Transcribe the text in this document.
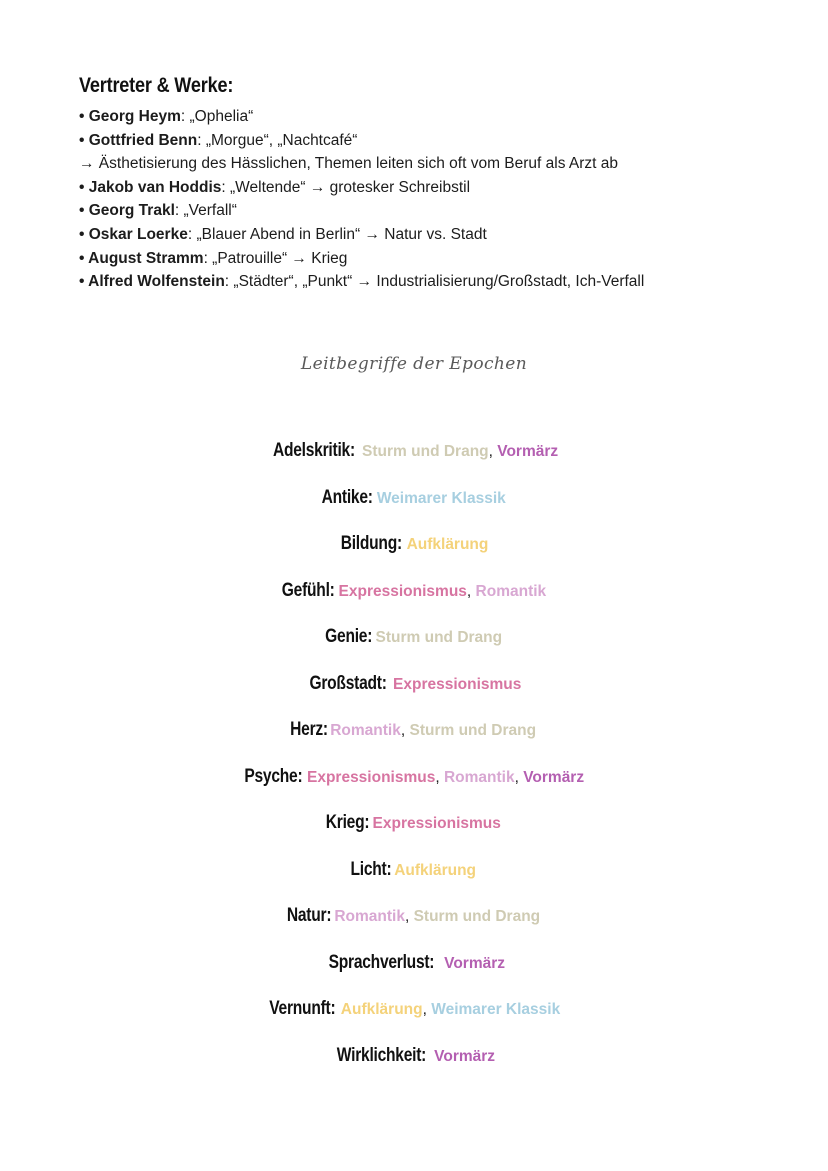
Vertreter & Werke:
• Georg Heym: „Ophelia“
• Gottfried Benn: „Morgue“, „Nachtcafé“
→ Ästhetisierung des Hässlichen, Themen leiten sich oft vom Beruf als Arzt ab
• Jakob van Hoddis: „Weltende“ → grotesker Schreibstil
• Georg Trakl: „Verfall“
• Oskar Loerke: „Blauer Abend in Berlin“ → Natur vs. Stadt
• August Stramm: „Patrouille“ → Krieg
• Alfred Wolfenstein: „Städter“, „Punkt“ → Industrialisierung/Großstadt, Ich-Verfall
Leitbegriffe der Epochen
Adelskritik: Sturm und Drang, Vormärz
Antike: Weimarer Klassik
Bildung: Aufklärung
Gefühl: Expressionismus, Romantik
Genie: Sturm und Drang
Großstadt: Expressionismus
Herz: Romantik, Sturm und Drang
Psyche: Expressionismus, Romantik, Vormärz
Krieg: Expressionismus
Licht: Aufklärung
Natur: Romantik, Sturm und Drang
Sprachverlust: Vormärz
Vernunft: Aufklärung, Weimarer Klassik
Wirklichkeit: Vormärz
